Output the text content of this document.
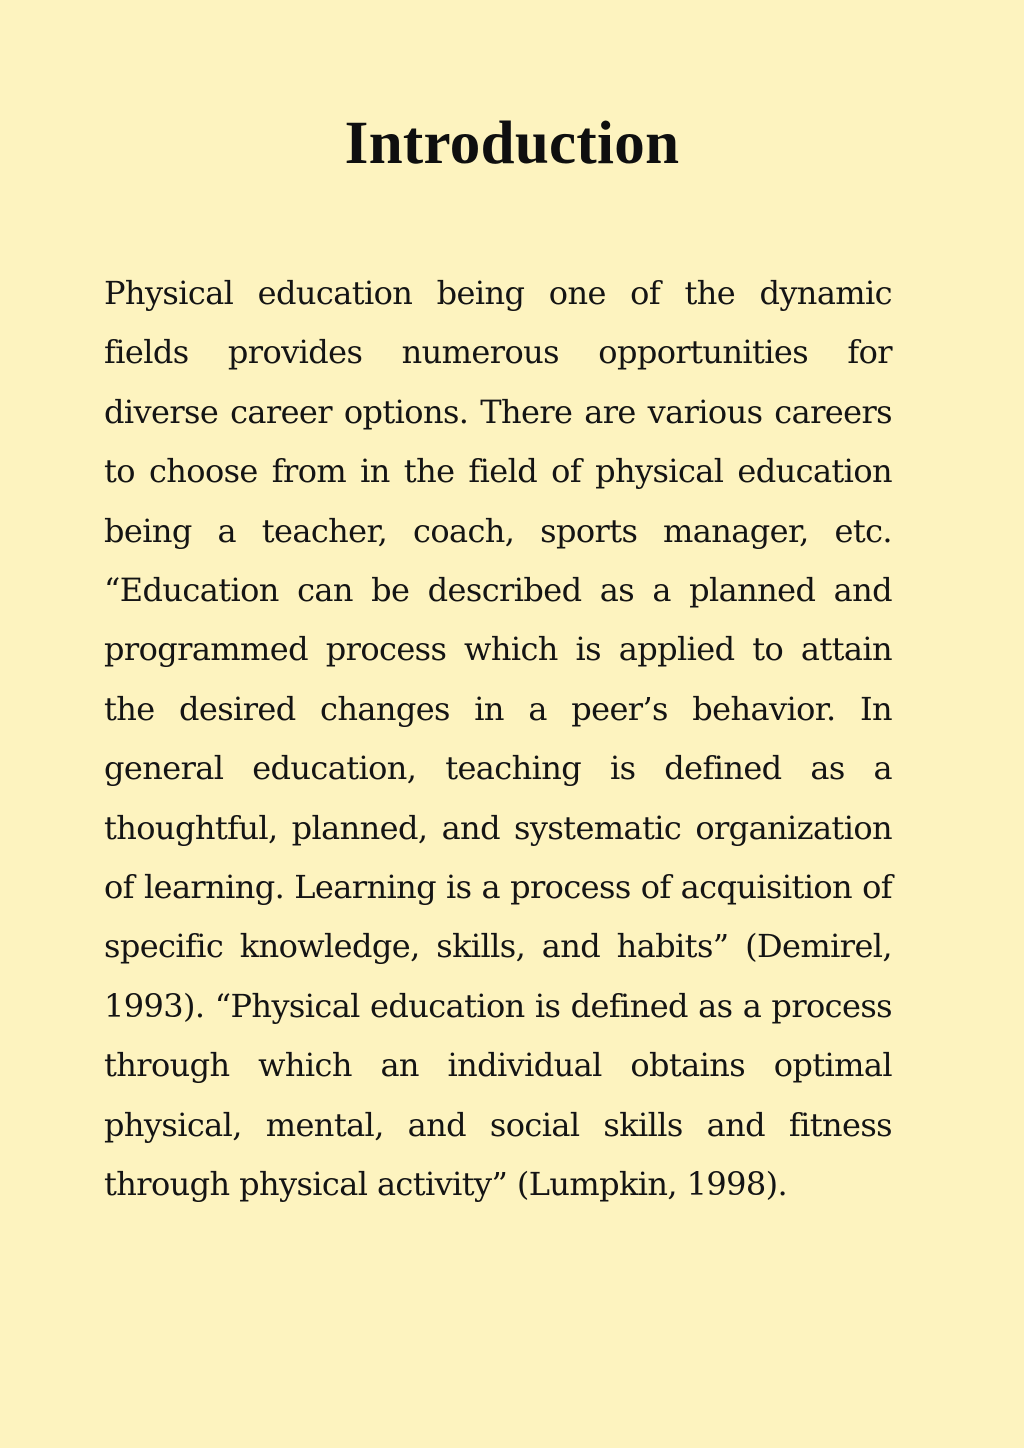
Introduction

Physical education being one of the dynamic fields provides numerous opportunities for diverse career options. There are various careers to choose from in the field of physical education being a teacher, coach, sports manager, etc. “Education can be described as a planned and programmed process which is applied to attain the desired changes in a peer’s behavior. In general education, teaching is defined as a thoughtful, planned, and systematic organization of learning. Learning is a process of acquisition of specific knowledge, skills, and habits” (Demirel, 1993). “Physical education is defined as a process through which an individual obtains optimal physical, mental, and social skills and fitness through physical activity” (Lumpkin, 1998).
